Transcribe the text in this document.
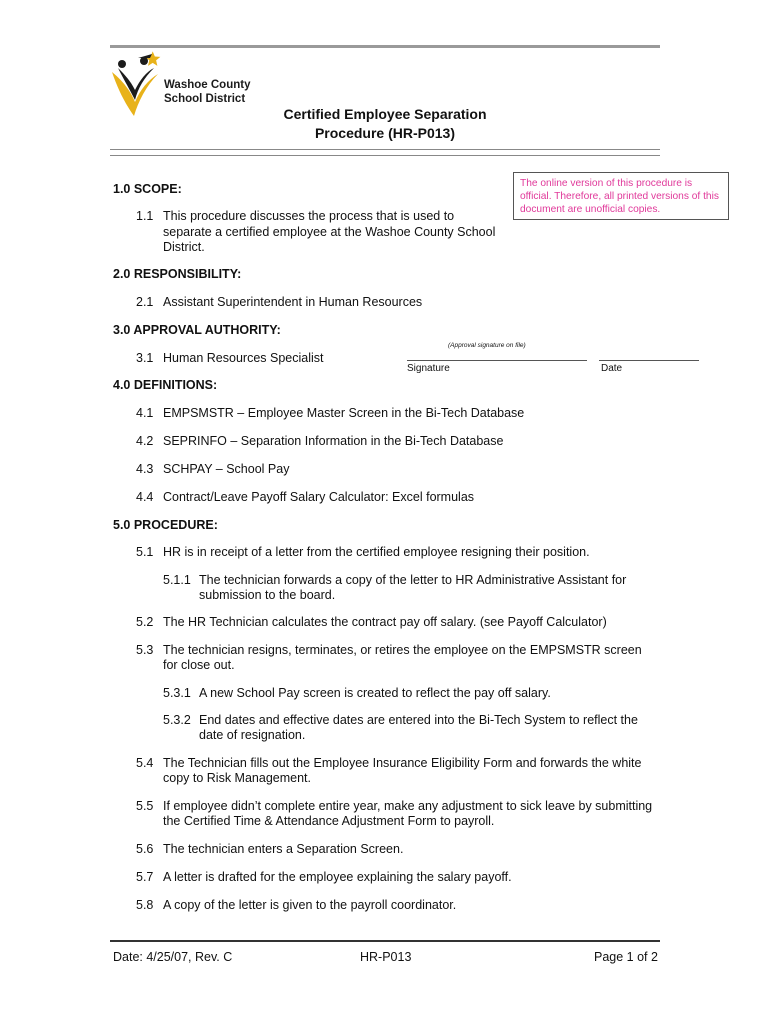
Washoe County
School District
Certified Employee Separation
Procedure (HR-P013)
The online version of this procedure is official. Therefore, all printed versions of this document are unofficial copies.
1.0 SCOPE:
1.1 This procedure discusses the process that is used to separate a certified employee at the Washoe County School District.
2.0 RESPONSIBILITY:
2.1 Assistant Superintendent in Human Resources
3.0 APPROVAL AUTHORITY:
(Approval signature on file)
3.1 Human Resources Specialist
Signature	Date
4.0 DEFINITIONS:
4.1 EMPSMSTR – Employee Master Screen in the Bi-Tech Database
4.2 SEPRINFO – Separation Information in the Bi-Tech Database
4.3 SCHPAY – School Pay
4.4 Contract/Leave Payoff Salary Calculator: Excel formulas
5.0 PROCEDURE:
5.1 HR is in receipt of a letter from the certified employee resigning their position.
5.1.1 The technician forwards a copy of the letter to HR Administrative Assistant for
submission to the board.
5.2 The HR Technician calculates the contract pay off salary. (see Payoff Calculator)
5.3 The technician resigns, terminates, or retires the employee on the EMPSMSTR screen
for close out.
5.3.1 A new School Pay screen is created to reflect the pay off salary.
5.3.2 End dates and effective dates are entered into the Bi-Tech System to reflect the
date of resignation.
5.4 The Technician fills out the Employee Insurance Eligibility Form and forwards the white
copy to Risk Management.
5.5 If employee didn’t complete entire year, make any adjustment to sick leave by submitting
the Certified Time & Attendance Adjustment Form to payroll.
5.6 The technician enters a Separation Screen.
5.7 A letter is drafted for the employee explaining the salary payoff.
5.8 A copy of the letter is given to the payroll coordinator.
Date: 4/25/07, Rev. C	HR-P013	Page 1 of 2
